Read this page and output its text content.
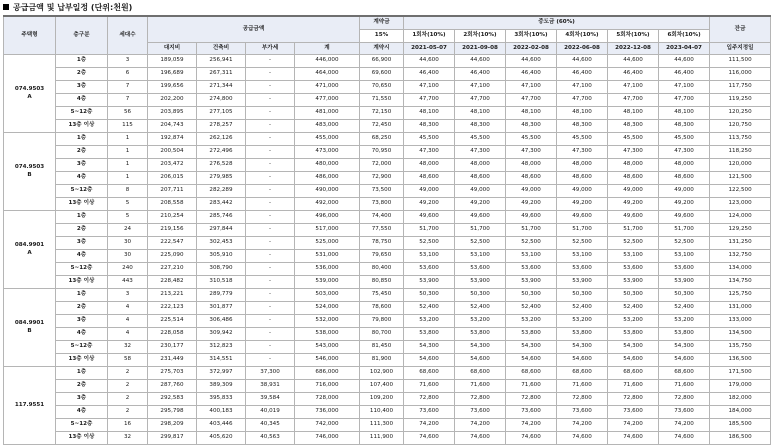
공급금액 및 납부일정 (단위:천원)
주택형	층구분	세대수	공급금액				계약금	중도금 (60%)						잔금
							15%	1회차(10%)	2회차(10%)	3회차(10%)	4회차(10%)	5회차(10%)	6회차(10%)	
			대지비	건축비	부가세	계	계약시	2021-05-07	2021-09-08	2022-02-08	2022-06-08	2022-12-08	2023-04-07	입주지정일

074.9503
A	1층	3	189,059	256,941	-	446,000	66,900	44,600	44,600	44,600	44,600	44,600	44,600	111,500
	2층	6	196,689	267,311	-	464,000	69,600	46,400	46,400	46,400	46,400	46,400	46,400	116,000
	3층	7	199,656	271,344	-	471,000	70,650	47,100	47,100	47,100	47,100	47,100	47,100	117,750
	4층	7	202,200	274,800	-	477,000	71,550	47,700	47,700	47,700	47,700	47,700	47,700	119,250
	5~12층	56	203,895	277,105	-	481,000	72,150	48,100	48,100	48,100	48,100	48,100	48,100	120,250
	13층 이상	115	204,743	278,257	-	483,000	72,450	48,300	48,300	48,300	48,300	48,300	48,300	120,750

074.9503
B	1층	1	192,874	262,126	-	455,000	68,250	45,500	45,500	45,500	45,500	45,500	45,500	113,750
	2층	1	200,504	272,496	-	473,000	70,950	47,300	47,300	47,300	47,300	47,300	47,300	118,250
	3층	1	203,472	276,528	-	480,000	72,000	48,000	48,000	48,000	48,000	48,000	48,000	120,000
	4층	1	206,015	279,985	-	486,000	72,900	48,600	48,600	48,600	48,600	48,600	48,600	121,500
	5~12층	8	207,711	282,289	-	490,000	73,500	49,000	49,000	49,000	49,000	49,000	49,000	122,500
	13층 이상	5	208,558	283,442	-	492,000	73,800	49,200	49,200	49,200	49,200	49,200	49,200	123,000

084.9901
A	1층	5	210,254	285,746	-	496,000	74,400	49,600	49,600	49,600	49,600	49,600	49,600	124,000
	2층	24	219,156	297,844	-	517,000	77,550	51,700	51,700	51,700	51,700	51,700	51,700	129,250
	3층	30	222,547	302,453	-	525,000	78,750	52,500	52,500	52,500	52,500	52,500	52,500	131,250
	4층	30	225,090	305,910	-	531,000	79,650	53,100	53,100	53,100	53,100	53,100	53,100	132,750
	5~12층	240	227,210	308,790	-	536,000	80,400	53,600	53,600	53,600	53,600	53,600	53,600	134,000
	13층 이상	443	228,482	310,518	-	539,000	80,850	53,900	53,900	53,900	53,900	53,900	53,900	134,750

084.9901
B	1층	3	213,221	289,779	-	503,000	75,450	50,300	50,300	50,300	50,300	50,300	50,300	125,750
	2층	4	222,123	301,877	-	524,000	78,600	52,400	52,400	52,400	52,400	52,400	52,400	131,000
	3층	4	225,514	306,486	-	532,000	79,800	53,200	53,200	53,200	53,200	53,200	53,200	133,000
	4층	4	228,058	309,942	-	538,000	80,700	53,800	53,800	53,800	53,800	53,800	53,800	134,500
	5~12층	32	230,177	312,823	-	543,000	81,450	54,300	54,300	54,300	54,300	54,300	54,300	135,750
	13층 이상	58	231,449	314,551	-	546,000	81,900	54,600	54,600	54,600	54,600	54,600	54,600	136,500

117.9551	1층	2	275,703	372,997	37,300	686,000	102,900	68,600	68,600	68,600	68,600	68,600	68,600	171,500
	2층	2	287,760	389,309	38,931	716,000	107,400	71,600	71,600	71,600	71,600	71,600	71,600	179,000
	3층	2	292,583	395,833	39,584	728,000	109,200	72,800	72,800	72,800	72,800	72,800	72,800	182,000
	4층	2	295,798	400,183	40,019	736,000	110,400	73,600	73,600	73,600	73,600	73,600	73,600	184,000
	5~12층	16	298,209	403,446	40,345	742,000	111,300	74,200	74,200	74,200	74,200	74,200	74,200	185,500
	13층 이상	32	299,817	405,620	40,563	746,000	111,900	74,600	74,600	74,600	74,600	74,600	74,600	186,500
